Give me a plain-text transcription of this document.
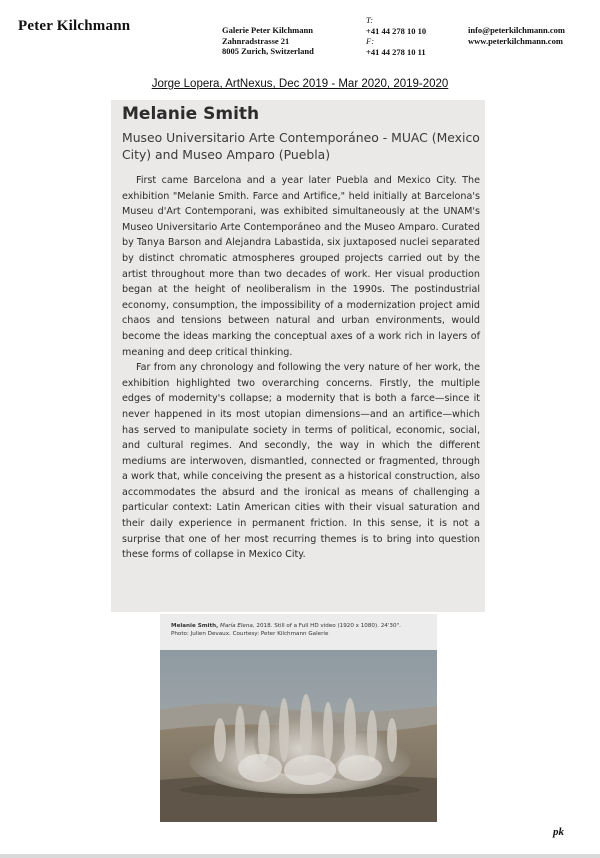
Peter Kilchmann	Galerie Peter Kilchmann
Zahnradstrasse 21
8005 Zurich, Switzerland
T:
+41 44 278 10 10
F:
+41 44 278 10 11
info@peterkilchmann.com
www.peterkilchmann.com
Jorge Lopera, ArtNexus, Dec 2019 - Mar 2020, 2019-2020
Melanie Smith
Museo Universitario Arte Contemporáneo - MUAC (Mexico City) and Museo Amparo (Puebla)

First came Barcelona and a year later Puebla and Mexico City. The exhibition "Melanie Smith. Farce and Artifice," held initially at Barcelona's Museu d'Art Contemporani, was exhibited simultaneously at the UNAM's Museo Universitario Arte Contemporáneo and the Museo Amparo. Curated by Tanya Barson and Alejandra Labastida, six juxtaposed nuclei separated by distinct chromatic atmospheres grouped projects carried out by the artist throughout more than two decades of work. Her visual production began at the height of neoliberalism in the 1990s. The postindustrial economy, consumption, the impossibility of a modernization project amid chaos and tensions between natural and urban environments, would become the ideas marking the conceptual axes of a work rich in layers of meaning and deep critical thinking.

Far from any chronology and following the very nature of her work, the exhibition highlighted two overarching concerns. Firstly, the multiple edges of modernity's collapse; a modernity that is both a farce—since it never happened in its most utopian dimensions—and an artifice—which has served to manipulate society in terms of political, economic, social, and cultural regimes. And secondly, the way in which the different mediums are interwoven, dismantled, connected or fragmented, through a work that, while conceiving the present as a historical construction, also accommodates the absurd and the ironical as means of challenging a particular context: Latin American cities with their visual saturation and their daily experience in permanent friction. In this sense, it is not a surprise that one of her most recurring themes is to bring into question these forms of collapse in Mexico City.

Melanie Smith, María Elena, 2018. Still of a Full HD video (1920 x 1080). 24'30".
Photo: Julien Devaux. Courtesy: Peter Kilchmann Galerie
pk
